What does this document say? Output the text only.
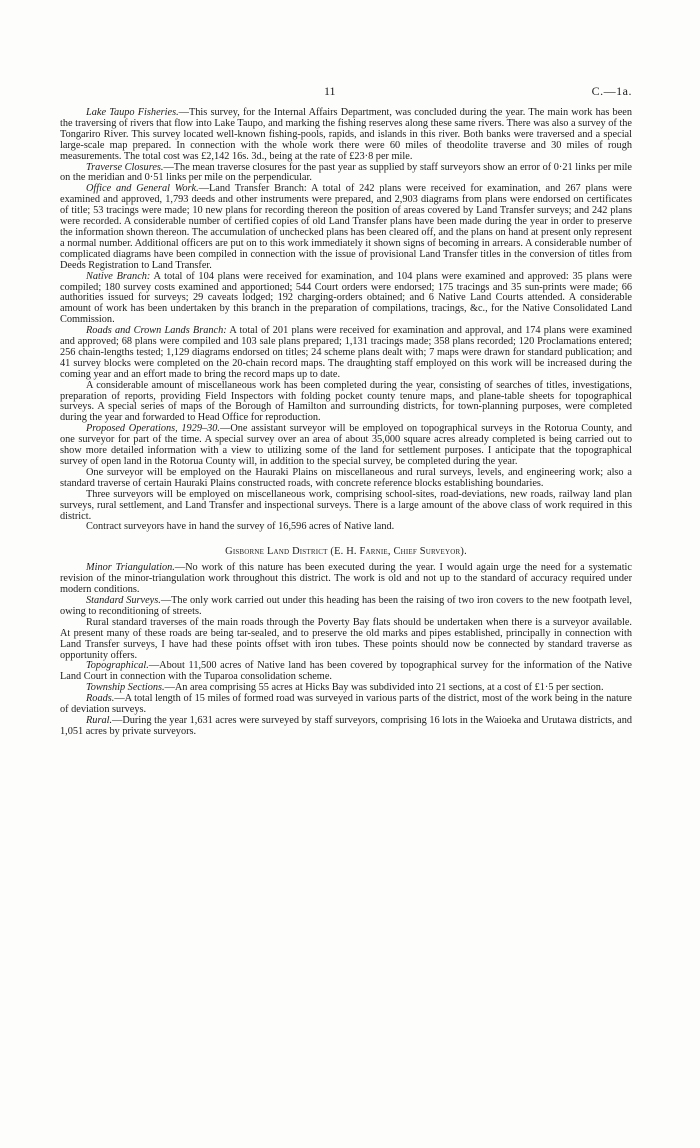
11	C.—1a.

Lake Taupo Fisheries.—This survey, for the Internal Affairs Department, was concluded during the year. The main work has been the traversing of rivers that flow into Lake Taupo, and marking the fishing reserves along these same rivers. There was also a survey of the Tongariro River. This survey located well-known fishing-pools, rapids, and islands in this river. Both banks were traversed and a special large-scale map prepared. In connection with the whole work there were 60 miles of theodolite traverse and 30 miles of rough measurements. The total cost was £2,142 16s. 3d., being at the rate of £23·8 per mile.

Traverse Closures.—The mean traverse closures for the past year as supplied by staff surveyors show an error of 0·21 links per mile on the meridian and 0·51 links per mile on the perpendicular.

Office and General Work.—Land Transfer Branch: A total of 242 plans were received for examination, and 267 plans were examined and approved, 1,793 deeds and other instruments were prepared, and 2,903 diagrams from plans were endorsed on certificates of title; 53 tracings were made; 10 new plans for recording thereon the position of areas covered by Land Transfer surveys; and 242 plans were recorded. A considerable number of certified copies of old Land Transfer plans have been made during the year in order to preserve the information shown thereon. The accumulation of unchecked plans has been cleared off, and the plans on hand at present only represent a normal number. Additional officers are put on to this work immediately it shown signs of becoming in arrears. A considerable number of complicated diagrams have been compiled in connection with the issue of provisional Land Transfer titles in the conversion of titles from Deeds Registration to Land Transfer.

Native Branch: A total of 104 plans were received for examination, and 104 plans were examined and approved: 35 plans were compiled; 180 survey costs examined and apportioned; 544 Court orders were endorsed; 175 tracings and 35 sun-prints were made; 66 authorities issued for surveys; 29 caveats lodged; 192 charging-orders obtained; and 6 Native Land Courts attended. A considerable amount of work has been undertaken by this branch in the preparation of compilations, tracings, &c., for the Native Consolidated Land Commission.

Roads and Crown Lands Branch: A total of 201 plans were received for examination and approval, and 174 plans were examined and approved; 68 plans were compiled and 103 sale plans prepared; 1,131 tracings made; 358 plans recorded; 120 Proclamations entered; 256 chain-lengths tested; 1,129 diagrams endorsed on titles; 24 scheme plans dealt with; 7 maps were drawn for standard publication; and 41 survey blocks were completed on the 20-chain record maps. The draughting staff employed on this work will be increased during the coming year and an effort made to bring the record maps up to date.

A considerable amount of miscellaneous work has been completed during the year, consisting of searches of titles, investigations, preparation of reports, providing Field Inspectors with folding pocket county tenure maps, and plane-table sheets for topographical surveys. A special series of maps of the Borough of Hamilton and surrounding districts, for town-planning purposes, were completed during the year and forwarded to Head Office for reproduction.

Proposed Operations, 1929–30.—One assistant surveyor will be employed on topographical surveys in the Rotorua County, and one surveyor for part of the time. A special survey over an area of about 35,000 square acres already completed is being carried out to show more detailed information with a view to utilizing some of the land for settlement purposes. I anticipate that the topographical survey of open land in the Rotorua County will, in addition to the special survey, be completed during the year.

One surveyor will be employed on the Hauraki Plains on miscellaneous and rural surveys, levels, and engineering work; also a standard traverse of certain Hauraki Plains constructed roads, with concrete reference blocks establishing boundaries.

Three surveyors will be employed on miscellaneous work, comprising school-sites, road-deviations, new roads, railway land plan surveys, rural settlement, and Land Transfer and inspectional surveys. There is a large amount of the above class of work required in this district.

Contract surveyors have in hand the survey of 16,596 acres of Native land.

Gisborne Land District (E. H. Farnie, Chief Surveyor).

Minor Triangulation.—No work of this nature has been executed during the year. I would again urge the need for a systematic revision of the minor-triangulation work throughout this district. The work is old and not up to the standard of accuracy required under modern conditions.

Standard Surveys.—The only work carried out under this heading has been the raising of two iron covers to the new footpath level, owing to reconditioning of streets.

Rural standard traverses of the main roads through the Poverty Bay flats should be undertaken when there is a surveyor available. At present many of these roads are being tar-sealed, and to preserve the old marks and pipes established, principally in connection with Land Transfer surveys, I have had these points offset with iron tubes. These points should now be connected by standard traverse as opportunity offers.

Topographical.—About 11,500 acres of Native land has been covered by topographical survey for the information of the Native Land Court in connection with the Tuparoa consolidation scheme.

Township Sections.—An area comprising 55 acres at Hicks Bay was subdivided into 21 sections, at a cost of £1·5 per section.

Roads.—A total length of 15 miles of formed road was surveyed in various parts of the district, most of the work being in the nature of deviation surveys.

Rural.—During the year 1,631 acres were surveyed by staff surveyors, comprising 16 lots in the Waioeka and Urutawa districts, and 1,051 acres by private surveyors.
